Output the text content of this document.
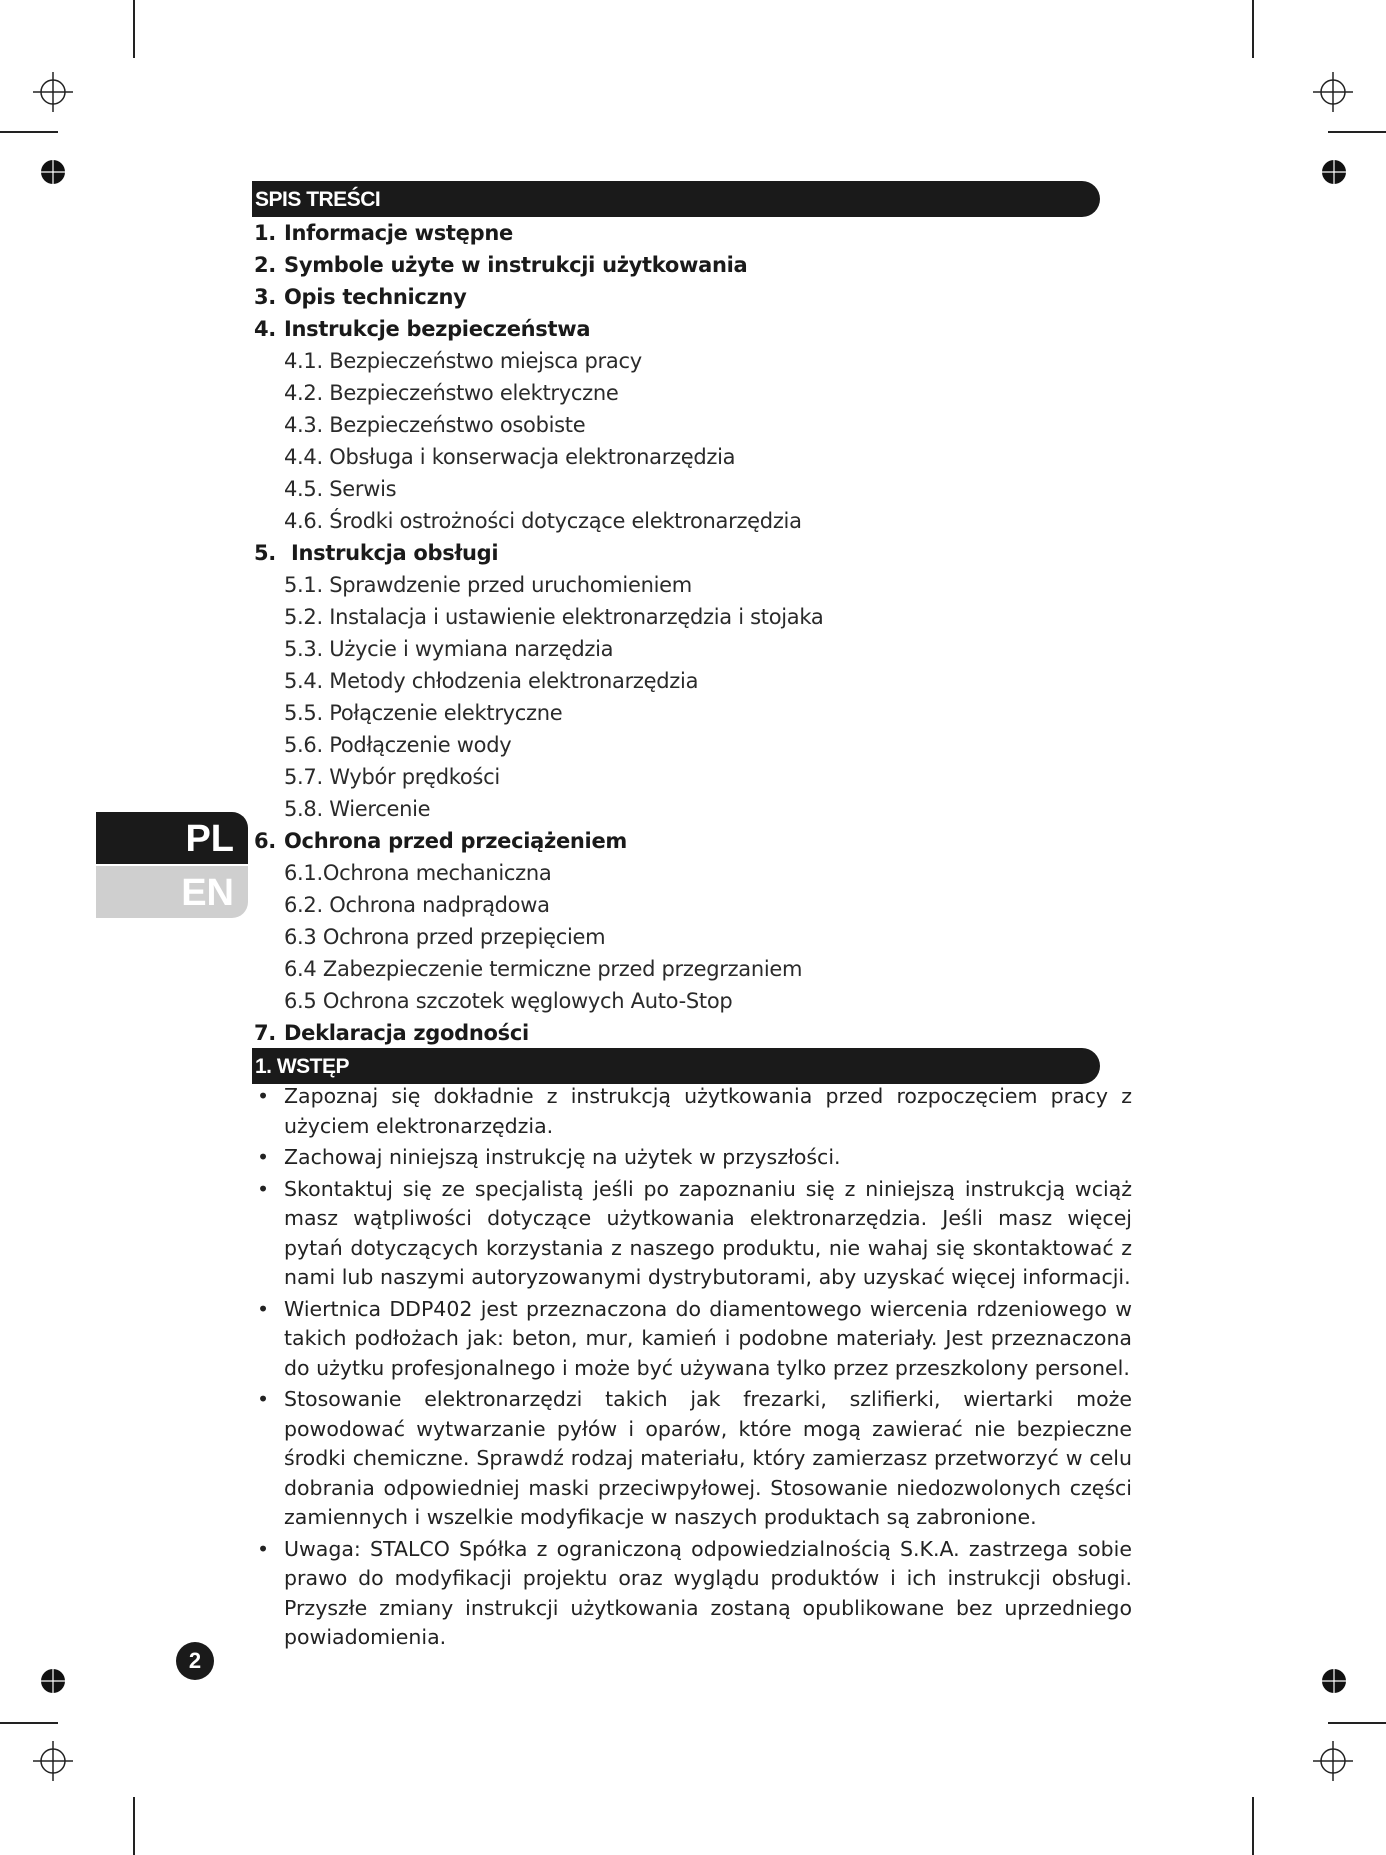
SPIS TREŚCI
1. Informacje wstępne
2. Symbole użyte w instrukcji użytkowania
3. Opis techniczny
4. Instrukcje bezpieczeństwa
4.1. Bezpieczeństwo miejsca pracy
4.2. Bezpieczeństwo elektryczne
4.3. Bezpieczeństwo osobiste
4.4. Obsługa i konserwacja elektronarzędzia
4.5. Serwis
4.6. Środki ostrożności dotyczące elektronarzędzia
5. Instrukcja obsługi
5.1. Sprawdzenie przed uruchomieniem
5.2. Instalacja i ustawienie elektronarzędzia i stojaka
5.3. Użycie i wymiana narzędzia
5.4. Metody chłodzenia elektronarzędzia
5.5. Połączenie elektryczne
5.6. Podłączenie wody
5.7. Wybór prędkości
5.8. Wiercenie
6. Ochrona przed przeciążeniem
6.1.Ochrona mechaniczna
6.2. Ochrona nadprądowa
6.3 Ochrona przed przepięciem
6.4 Zabezpieczenie termiczne przed przegrzaniem
6.5 Ochrona szczotek węglowych Auto-Stop
7. Deklaracja zgodności
PL
EN
1. WSTĘP
• Zapoznaj się dokładnie z instrukcją użytkowania przed rozpoczęciem pracy z użyciem elektronarzędzia.
• Zachowaj niniejszą instrukcję na użytek w przyszłości.
• Skontaktuj się ze specjalistą jeśli po zapoznaniu się z niniejszą instrukcją wciąż masz wątpliwości dotyczące użytkowania elektronarzędzia. Jeśli masz więcej pytań dotyczących korzystania z naszego produktu, nie wahaj się skontaktować z nami lub naszymi autoryzowanymi dystrybutorami, aby uzyskać więcej informacji.
• Wiertnica DDP402 jest przeznaczona do diamentowego wiercenia rdzeniowego w takich podłożach jak: beton, mur, kamień i podobne materiały. Jest przeznaczona do użytku profesjonalnego i może być używana tylko przez przeszkolony personel.
• Stosowanie elektronarzędzi takich jak frezarki, szlifierki, wiertarki może powodować wytwarzanie pyłów i oparów, które mogą zawierać nie bezpieczne środki chemiczne. Sprawdź rodzaj materiału, który zamierzasz przetworzyć w celu dobrania odpowiedniej maski przeciwpyłowej. Stosowanie niedozwolonych części zamiennych i wszelkie modyfikacje w naszych produktach są zabronione.
• Uwaga: STALCO Spółka z ograniczoną odpowiedzialnością S.K.A. zastrzega sobie prawo do modyfikacji projektu oraz wyglądu produktów i ich instrukcji obsługi. Przyszłe zmiany instrukcji użytkowania zostaną opublikowane bez uprzedniego powiadomienia.
2
